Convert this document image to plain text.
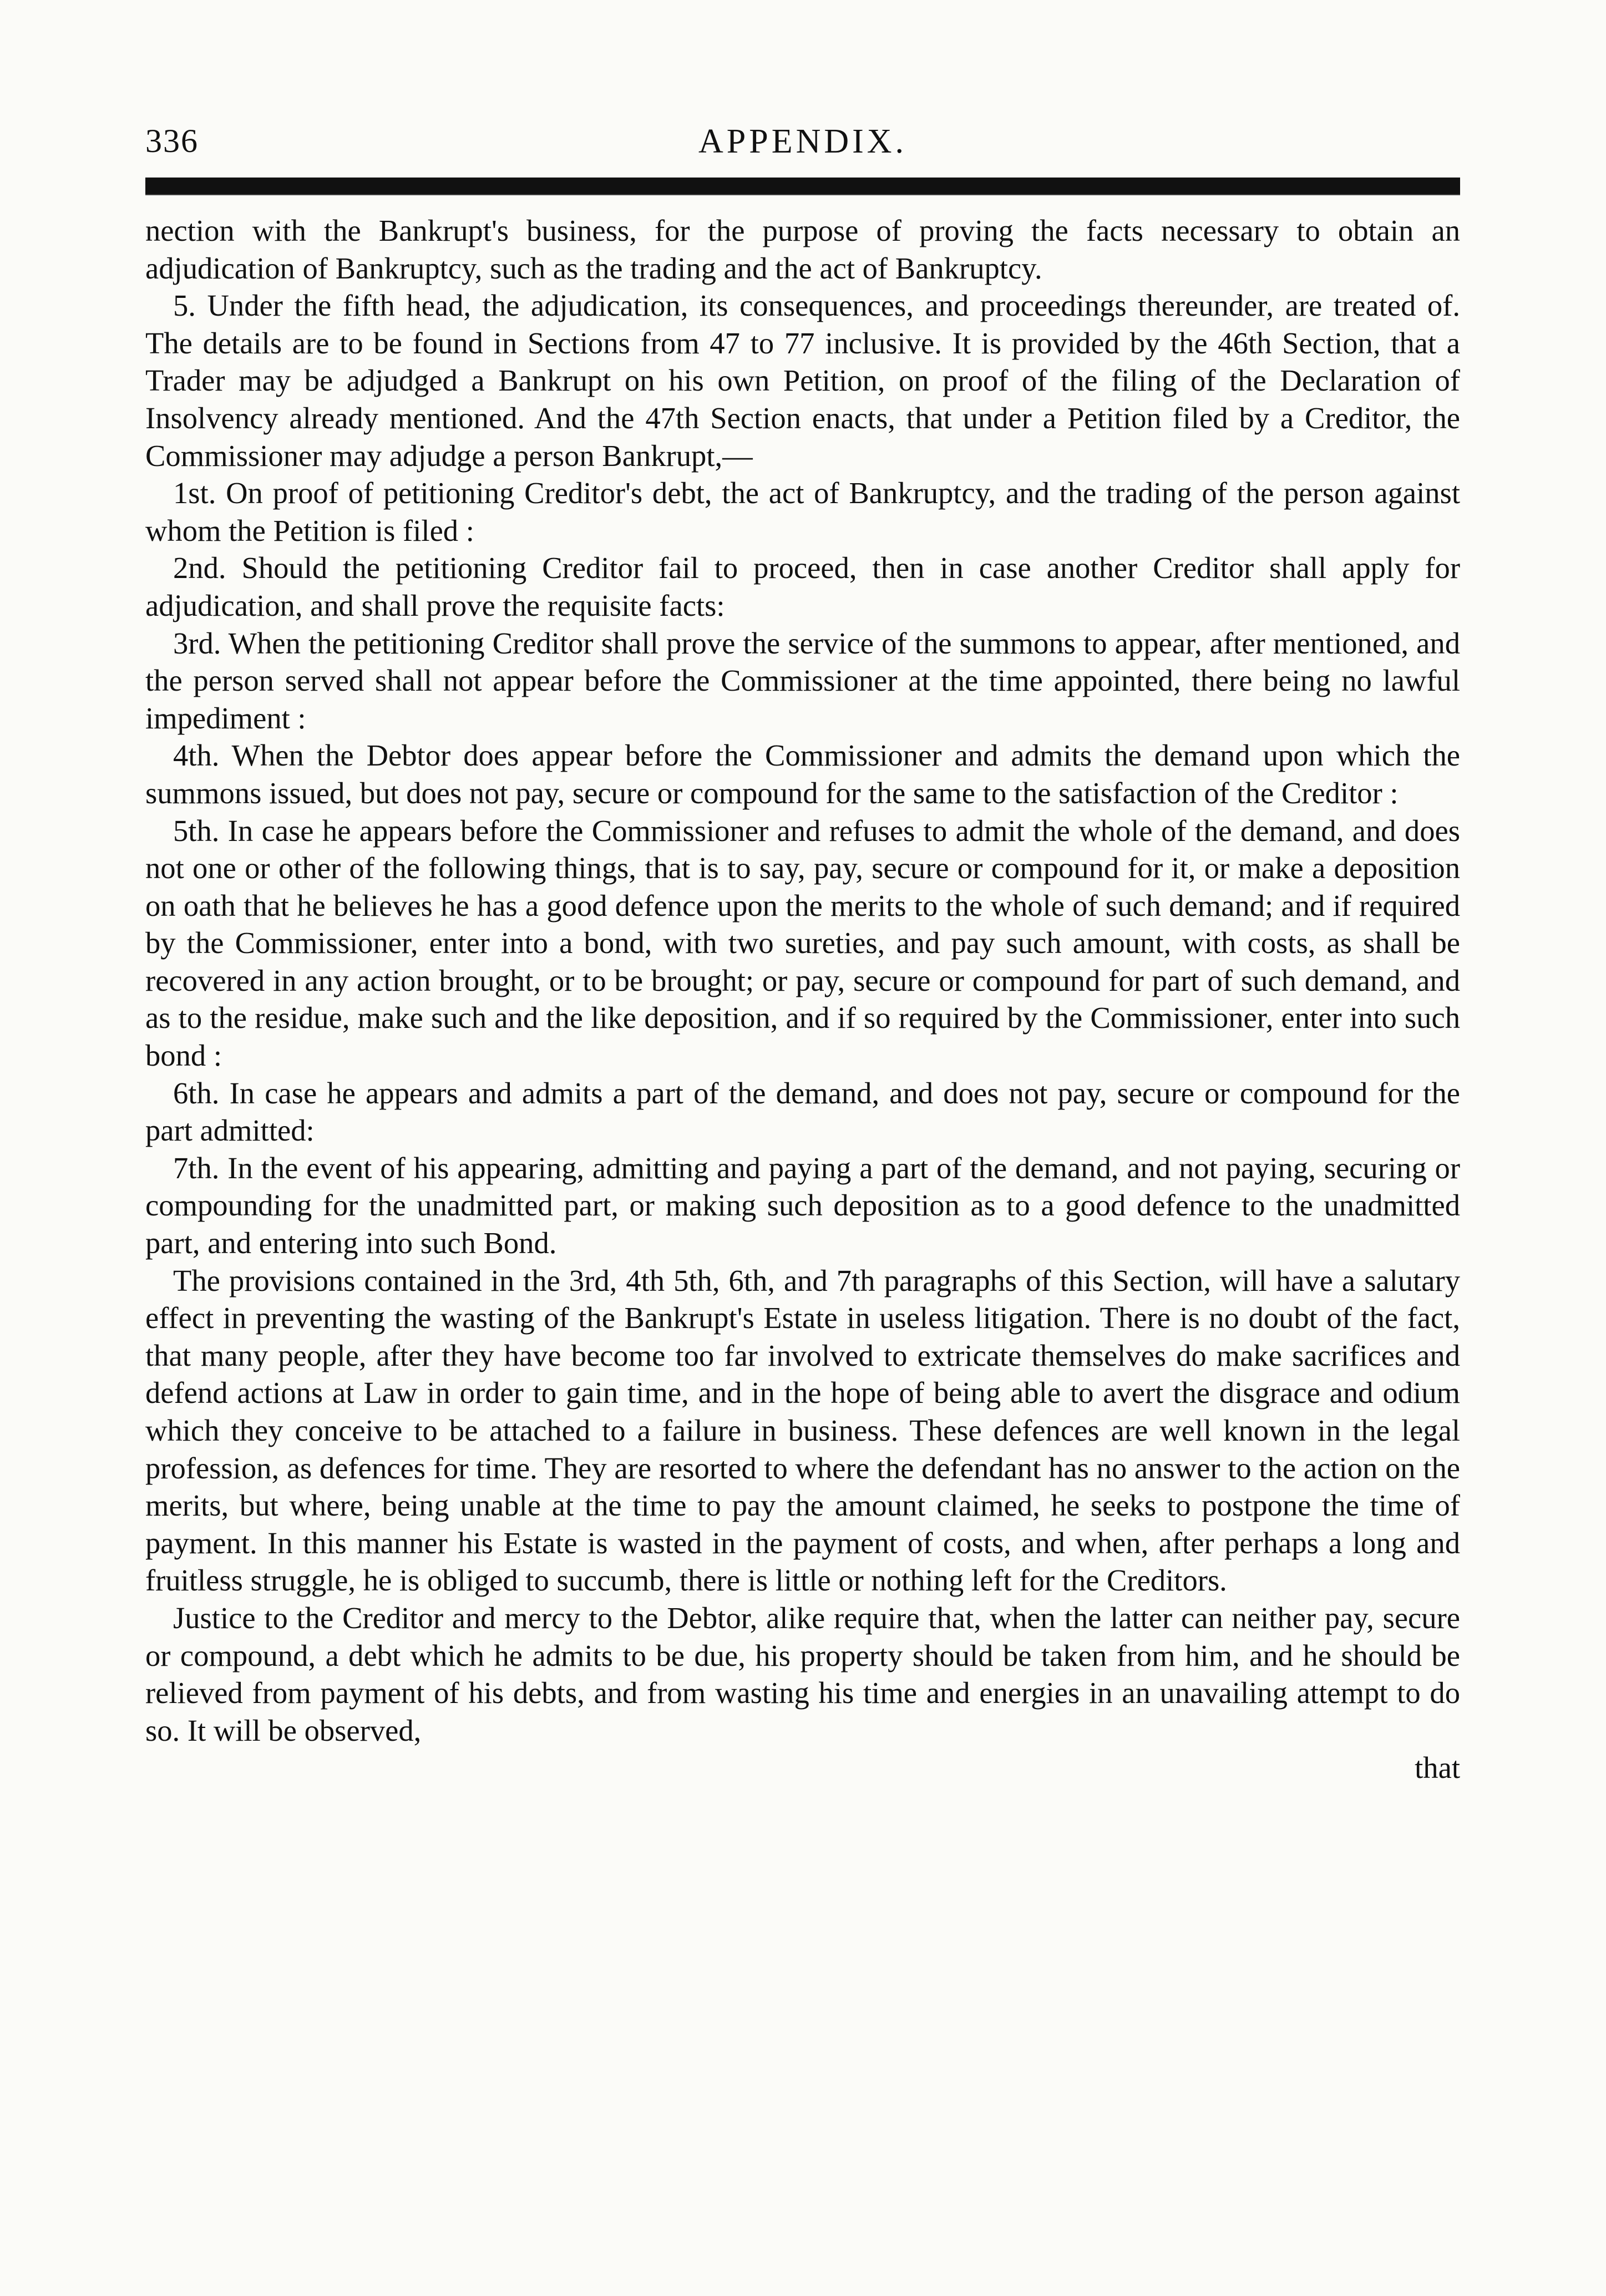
336	APPENDIX.

nection with the Bankrupt's business, for the purpose of proving the facts necessary to obtain an adjudication of Bankruptcy, such as the trading and the act of Bankruptcy.

5. Under the fifth head, the adjudication, its consequences, and proceedings thereunder, are treated of. The details are to be found in Sections from 47 to 77 inclusive. It is provided by the 46th Section, that a Trader may be adjudged a Bankrupt on his own Petition, on proof of the filing of the Declaration of Insolvency already mentioned. And the 47th Section enacts, that under a Petition filed by a Creditor, the Commissioner may adjudge a person Bankrupt,—

1st. On proof of petitioning Creditor's debt, the act of Bankruptcy, and the trading of the person against whom the Petition is filed :

2nd. Should the petitioning Creditor fail to proceed, then in case another Creditor shall apply for adjudication, and shall prove the requisite facts:

3rd. When the petitioning Creditor shall prove the service of the summons to appear, after mentioned, and the person served shall not appear before the Commissioner at the time appointed, there being no lawful impediment :

4th. When the Debtor does appear before the Commissioner and admits the demand upon which the summons issued, but does not pay, secure or compound for the same to the satisfaction of the Creditor :

5th. In case he appears before the Commissioner and refuses to admit the whole of the demand, and does not one or other of the following things, that is to say, pay, secure or compound for it, or make a deposition on oath that he believes he has a good defence upon the merits to the whole of such demand; and if required by the Commissioner, enter into a bond, with two sureties, and pay such amount, with costs, as shall be recovered in any action brought, or to be brought; or pay, secure or compound for part of such demand, and as to the residue, make such and the like deposition, and if so required by the Commissioner, enter into such bond :

6th. In case he appears and admits a part of the demand, and does not pay, secure or compound for the part admitted:

7th. In the event of his appearing, admitting and paying a part of the demand, and not paying, securing or compounding for the unadmitted part, or making such deposition as to a good defence to the unadmitted part, and entering into such Bond.

The provisions contained in the 3rd, 4th 5th, 6th, and 7th paragraphs of this Section, will have a salutary effect in preventing the wasting of the Bankrupt's Estate in useless litigation. There is no doubt of the fact, that many people, after they have become too far involved to extricate themselves do make sacrifices and defend actions at Law in order to gain time, and in the hope of being able to avert the disgrace and odium which they conceive to be attached to a failure in business. These defences are well known in the legal profession, as defences for time. They are resorted to where the defendant has no answer to the action on the merits, but where, being unable at the time to pay the amount claimed, he seeks to postpone the time of payment. In this manner his Estate is wasted in the payment of costs, and when, after perhaps a long and fruitless struggle, he is obliged to succumb, there is little or nothing left for the Creditors.

Justice to the Creditor and mercy to the Debtor, alike require that, when the latter can neither pay, secure or compound, a debt which he admits to be due, his property should be taken from him, and he should be relieved from payment of his debts, and from wasting his time and energies in an unavailing attempt to do so. It will be observed,

that
